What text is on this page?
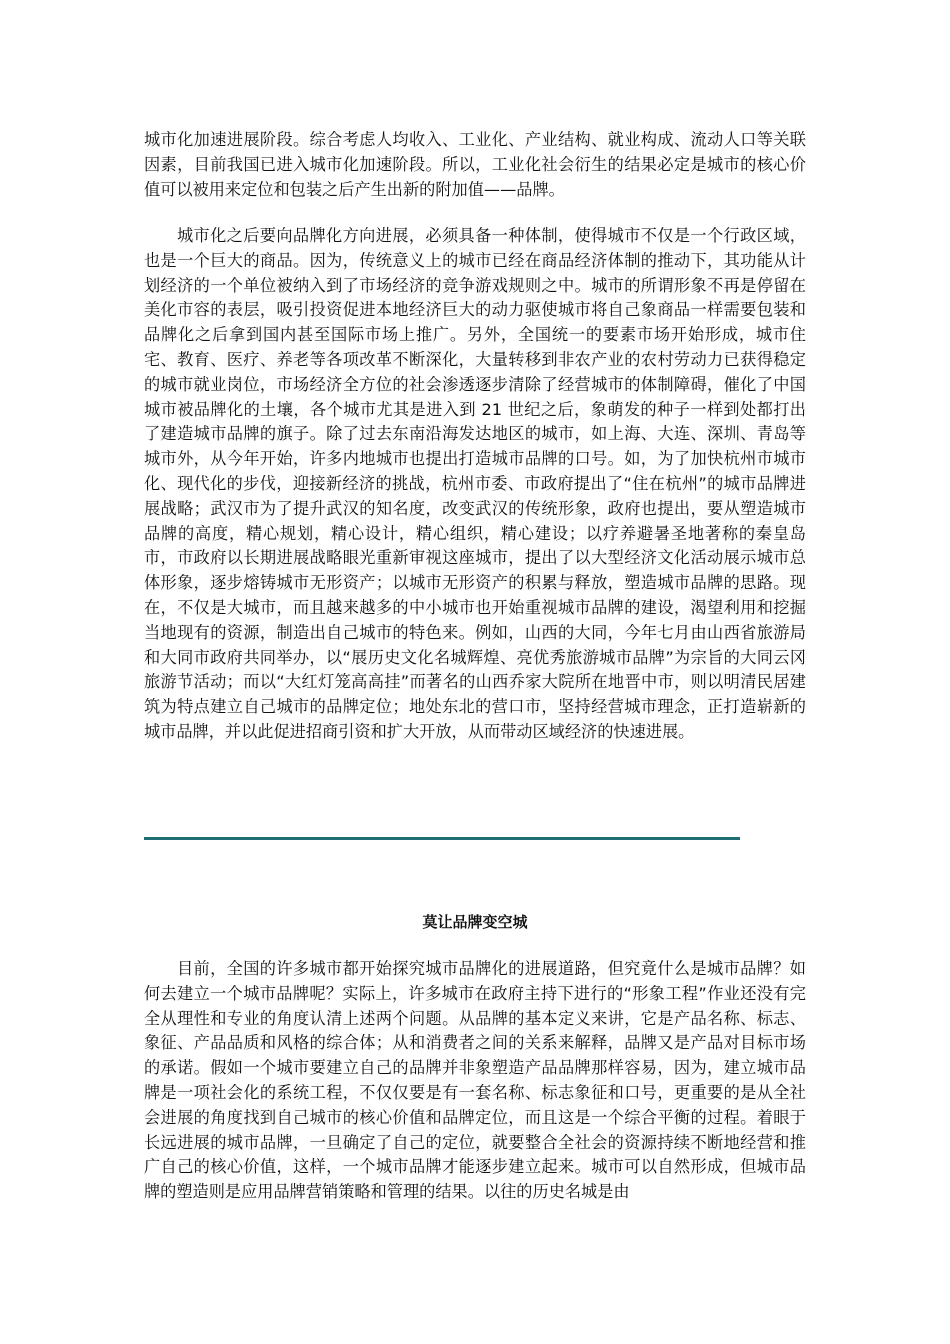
城市化加速进展阶段。综合考虑人均收入、工业化、产业结构、就业构成、流动人口等关联因素，目前我国已进入城市化加速阶段。所以，工业化社会衍生的结果必定是城市的核心价值可以被用来定位和包装之后产生出新的附加值——品牌。

城市化之后要向品牌化方向进展，必须具备一种体制，使得城市不仅是一个行政区域，也是一个巨大的商品。因为，传统意义上的城市已经在商品经济体制的推动下，其功能从计划经济的一个单位被纳入到了市场经济的竞争游戏规则之中。城市的所谓形象不再是停留在美化市容的表层，吸引投资促进本地经济巨大的动力驱使城市将自己象商品一样需要包装和品牌化之后拿到国内甚至国际市场上推广。另外，全国统一的要素市场开始形成，城市住宅、教育、医疗、养老等各项改革不断深化，大量转移到非农产业的农村劳动力已获得稳定的城市就业岗位，市场经济全方位的社会渗透逐步清除了经营城市的体制障碍，催化了中国城市被品牌化的土壤，各个城市尤其是进入到 21 世纪之后，象萌发的种子一样到处都打出了建造城市品牌的旗子。除了过去东南沿海发达地区的城市，如上海、大连、深圳、青岛等城市外，从今年开始，许多内地城市也提出打造城市品牌的口号。如，为了加快杭州市城市化、现代化的步伐，迎接新经济的挑战，杭州市委、市政府提出了“住在杭州”的城市品牌进展战略；武汉市为了提升武汉的知名度，改变武汉的传统形象，政府也提出，要从塑造城市品牌的高度，精心规划，精心设计，精心组织，精心建设；以疗养避暑圣地著称的秦皇岛市，市政府以长期进展战略眼光重新审视这座城市，提出了以大型经济文化活动展示城市总体形象，逐步熔铸城市无形资产；以城市无形资产的积累与释放，塑造城市品牌的思路。现在，不仅是大城市，而且越来越多的中小城市也开始重视城市品牌的建设，渴望利用和挖掘当地现有的资源，制造出自己城市的特色来。例如，山西的大同，今年七月由山西省旅游局和大同市政府共同举办，以“展历史文化名城辉煌、亮优秀旅游城市品牌”为宗旨的大同云冈旅游节活动；而以“大红灯笼高高挂”而著名的山西乔家大院所在地晋中市，则以明清民居建筑为特点建立自己城市的品牌定位；地处东北的营口市，坚持经营城市理念，正打造崭新的城市品牌，并以此促进招商引资和扩大开放，从而带动区域经济的快速进展。

莫让品牌变空城

目前，全国的许多城市都开始探究城市品牌化的进展道路，但究竟什么是城市品牌？如何去建立一个城市品牌呢？实际上，许多城市在政府主持下进行的“形象工程”作业还没有完全从理性和专业的角度认清上述两个问题。从品牌的基本定义来讲，它是产品名称、标志、象征、产品品质和风格的综合体；从和消费者之间的关系来解释，品牌又是产品对目标市场的承诺。假如一个城市要建立自己的品牌并非象塑造产品品牌那样容易，因为，建立城市品牌是一项社会化的系统工程，不仅仅要是有一套名称、标志象征和口号，更重要的是从全社会进展的角度找到自己城市的核心价值和品牌定位，而且这是一个综合平衡的过程。着眼于长远进展的城市品牌，一旦确定了自己的定位，就要整合全社会的资源持续不断地经营和推广自己的核心价值，这样，一个城市品牌才能逐步建立起来。城市可以自然形成，但城市品牌的塑造则是应用品牌营销策略和管理的结果。以往的历史名城是由
